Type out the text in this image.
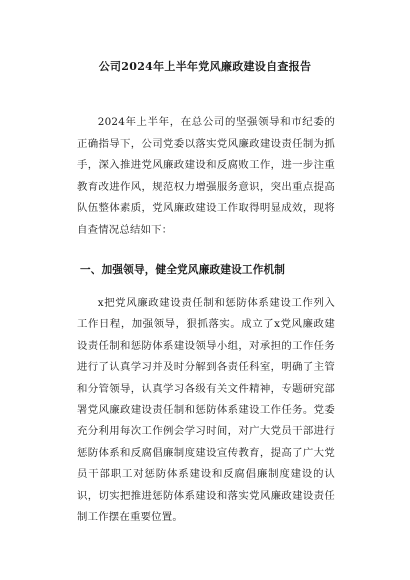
公司2024年上半年党风廉政建设自查报告

2024年上半年，在总公司的坚强领导和市纪委的正确指导下，公司党委以落实党风廉政建设责任制为抓手，深入推进党风廉政建设和反腐败工作，进一步注重教育改进作风，规范权力增强服务意识，突出重点提高队伍整体素质，党风廉政建设工作取得明显成效，现将自查情况总结如下：

一、加强领导，健全党风廉政建设工作机制

x把党风廉政建设责任制和惩防体系建设工作列入工作日程，加强领导，狠抓落实。成立了x党风廉政建设责任制和惩防体系建设领导小组，对承担的工作任务进行了认真学习并及时分解到各责任科室，明确了主管和分管领导，认真学习各级有关文件精神，专题研究部署党风廉政建设责任制和惩防体系建设工作任务。党委充分利用每次工作例会学习时间，对广大党员干部进行惩防体系和反腐倡廉制度建设宣传教育，提高了广大党员干部职工对惩防体系建设和反腐倡廉制度建设的认识，切实把推进惩防体系建设和落实党风廉政建设责任制工作摆在重要位置。
